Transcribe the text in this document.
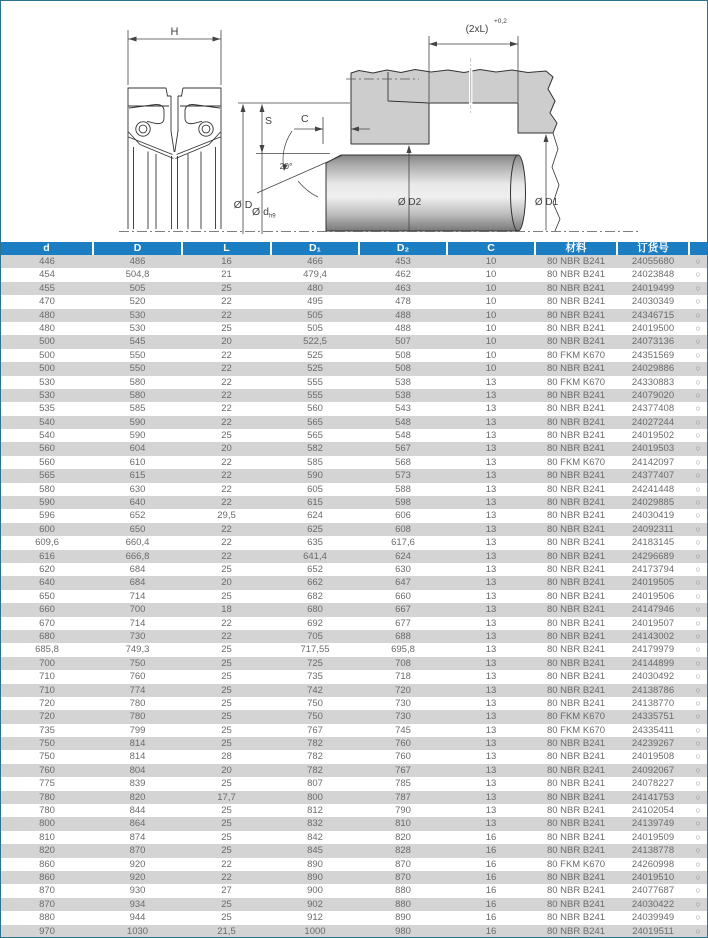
(2xL)
+0,2
Ø D1
Ø D2
S
Ø D
Ø $d_{h9}$
C
20°
H
d	D	L	D₁	D₂	C	材料	订货号	
446	486	16	466	453	10	80 NBR B241	24055680	○
454	504,8	21	479,4	462	10	80 NBR B241	24023848	○
455	505	25	480	463	10	80 NBR B241	24019499	○
470	520	22	495	478	10	80 NBR B241	24030349	○
480	530	22	505	488	10	80 NBR B241	24346715	○
480	530	25	505	488	10	80 NBR B241	24019500	○
500	545	20	522,5	507	10	80 NBR B241	24073136	○
500	550	22	525	508	10	80 FKM K670	24351569	○
500	550	22	525	508	10	80 NBR B241	24029886	○
530	580	22	555	538	13	80 FKM K670	24330883	○
530	580	22	555	538	13	80 NBR B241	24079020	○
535	585	22	560	543	13	80 NBR B241	24377408	○
540	590	22	565	548	13	80 NBR B241	24027244	○
540	590	25	565	548	13	80 NBR B241	24019502	○
560	604	20	582	567	13	80 NBR B241	24019503	○
560	610	22	585	568	13	80 FKM K670	24142097	○
565	615	22	590	573	13	80 NBR B241	24377407	○
580	630	22	605	588	13	80 NBR B241	24241448	○
590	640	22	615	598	13	80 NBR B241	24029885	○
596	652	29,5	624	606	13	80 NBR B241	24030419	○
600	650	22	625	608	13	80 NBR B241	24092311	○
609,6	660,4	22	635	617,6	13	80 NBR B241	24183145	○
616	666,8	22	641,4	624	13	80 NBR B241	24296689	○
620	684	25	652	630	13	80 NBR B241	24173794	○
640	684	20	662	647	13	80 NBR B241	24019505	○
650	714	25	682	660	13	80 NBR B241	24019506	○
660	700	18	680	667	13	80 NBR B241	24147946	○
670	714	22	692	677	13	80 NBR B241	24019507	○
680	730	22	705	688	13	80 NBR B241	24143002	○
685,8	749,3	25	717,55	695,8	13	80 NBR B241	24179979	○
700	750	25	725	708	13	80 NBR B241	24144899	○
710	760	25	735	718	13	80 NBR B241	24030492	○
710	774	25	742	720	13	80 NBR B241	24138786	○
720	780	25	750	730	13	80 NBR B241	24138770	○
720	780	25	750	730	13	80 FKM K670	24335751	○
735	799	25	767	745	13	80 FKM K670	24335411	○
750	814	25	782	760	13	80 NBR B241	24239267	○
750	814	28	782	760	13	80 NBR B241	24019508	○
760	804	20	782	767	13	80 NBR B241	24092067	○
775	839	25	807	785	13	80 NBR B241	24078227	○
780	820	17,7	800	787	13	80 NBR B241	24141753	○
780	844	25	812	790	13	80 NBR B241	24102054	○
800	864	25	832	810	13	80 NBR B241	24139749	○
810	874	25	842	820	16	80 NBR B241	24019509	○
820	870	25	845	828	16	80 NBR B241	24138778	○
860	920	22	890	870	16	80 FKM K670	24260998	○
860	920	22	890	870	16	80 NBR B241	24019510	○
870	930	27	900	880	16	80 NBR B241	24077687	○
870	934	25	902	880	16	80 NBR B241	24030422	○
880	944	25	912	890	16	80 NBR B241	24039949	○
970	1030	21,5	1000	980	16	80 NBR B241	24019511	○
